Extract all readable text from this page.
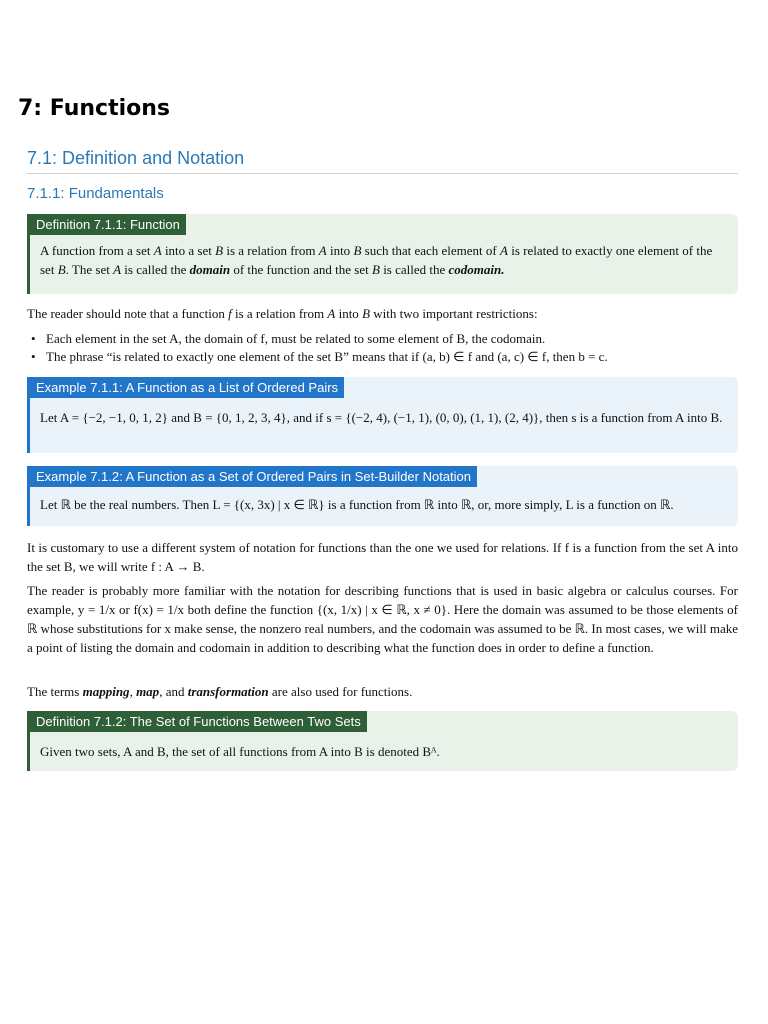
7: Functions
7.1: Definition and Notation
7.1.1: Fundamentals
Definition 7.1.1: Function
A function from a set A into a set B is a relation from A into B such that each element of A is related to exactly one element of the set B. The set A is called the domain of the function and the set B is called the codomain.
The reader should note that a function f is a relation from A into B with two important restrictions:
• Each element in the set A, the domain of f, must be related to some element of B, the codomain.
• The phrase “is related to exactly one element of the set B” means that if (a, b) ∈ f and (a, c) ∈ f, then b = c.
Example 7.1.1: A Function as a List of Ordered Pairs
Let A = {−2, −1, 0, 1, 2} and B = {0, 1, 2, 3, 4}, and if s = {(−2, 4), (−1, 1), (0, 0), (1, 1), (2, 4)}, then s is a function from A into B.
Example 7.1.2: A Function as a Set of Ordered Pairs in Set-Builder Notation
Let ℝ be the real numbers. Then L = {(x, 3x) | x ∈ ℝ} is a function from ℝ into ℝ, or, more simply, L is a function on ℝ.
It is customary to use a different system of notation for functions than the one we used for relations. If f is a function from the set A into the set B, we will write f : A → B.
The reader is probably more familiar with the notation for describing functions that is used in basic algebra or calculus courses. For example, y = 1/x or f(x) = 1/x both define the function {(x, 1/x) | x ∈ ℝ, x ≠ 0}. Here the domain was assumed to be those elements of ℝ whose substitutions for x make sense, the nonzero real numbers, and the codomain was assumed to be ℝ. In most cases, we will make a point of listing the domain and codomain in addition to describing what the function does in order to define a function.
The terms mapping, map, and transformation are also used for functions.
Definition 7.1.2: The Set of Functions Between Two Sets
Given two sets, A and B, the set of all functions from A into B is denoted Bᴬ.
